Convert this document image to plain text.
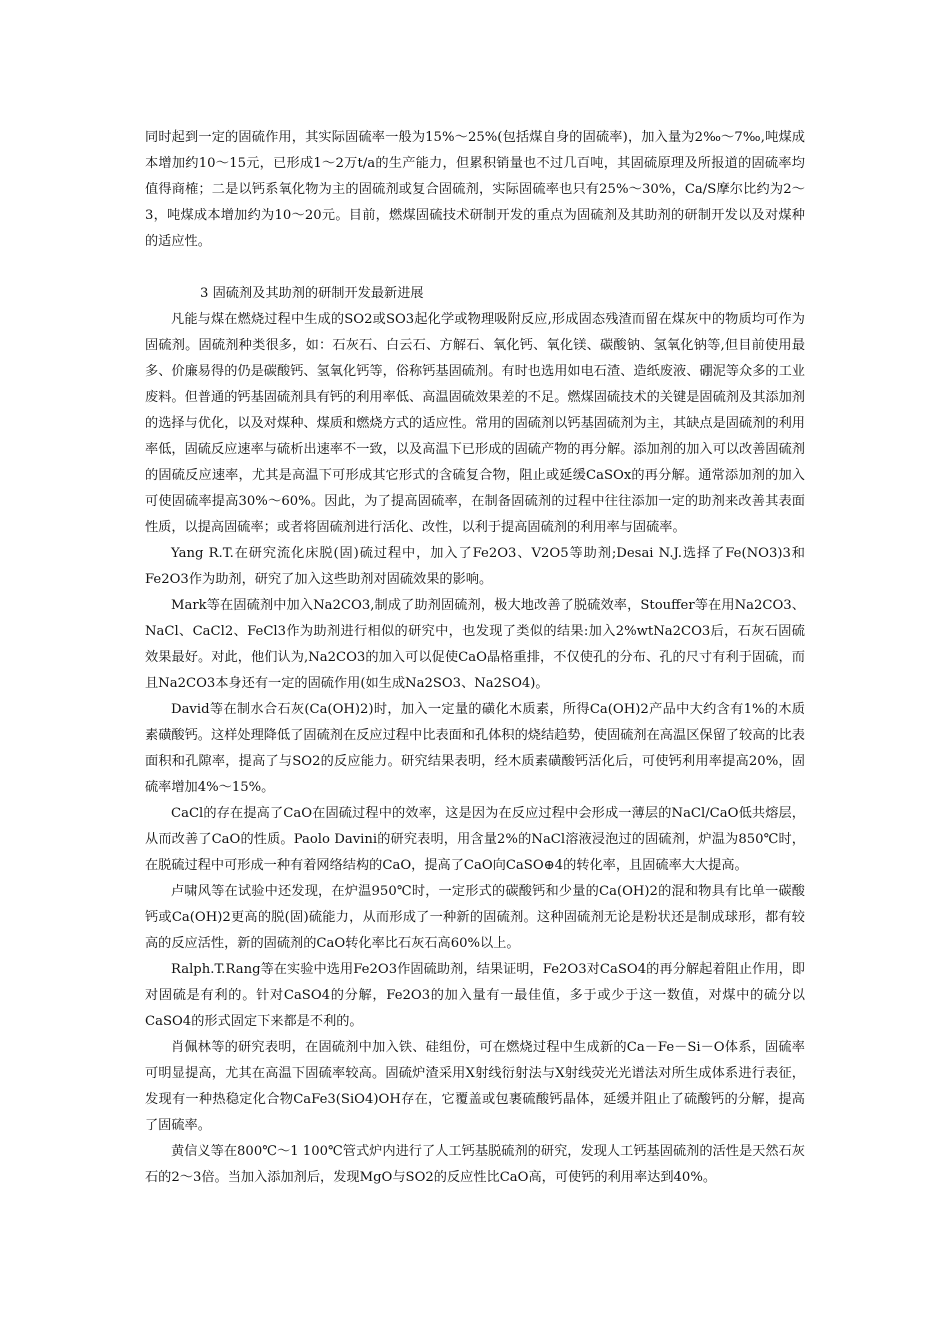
同时起到一定的固硫作用，其实际固硫率一般为15%～25%(包括煤自身的固硫率)，加入量为2‰～7‰,吨煤成本增加约10～15元，已形成1～2万t/a的生产能力，但累积销量也不过几百吨，其固硫原理及所报道的固硫率均值得商榷；二是以钙系氧化物为主的固硫剂或复合固硫剂，实际固硫率也只有25%～30%，Ca/S摩尔比约为2～3，吨煤成本增加约为10～20元。目前，燃煤固硫技术研制开发的重点为固硫剂及其助剂的研制开发以及对煤种的适应性。

3 固硫剂及其助剂的研制开发最新进展

凡能与煤在燃烧过程中生成的SO2或SO3起化学或物理吸附反应,形成固态残渣而留在煤灰中的物质均可作为固硫剂。固硫剂种类很多，如：石灰石、白云石、方解石、氧化钙、氧化镁、碳酸钠、氢氧化钠等,但目前使用最多、价廉易得的仍是碳酸钙、氢氧化钙等，俗称钙基固硫剂。有时也选用如电石渣、造纸废液、硼泥等众多的工业废料。但普通的钙基固硫剂具有钙的利用率低、高温固硫效果差的不足。燃煤固硫技术的关键是固硫剂及其添加剂的选择与优化，以及对煤种、煤质和燃烧方式的适应性。常用的固硫剂以钙基固硫剂为主，其缺点是固硫剂的利用率低，固硫反应速率与硫析出速率不一致，以及高温下已形成的固硫产物的再分解。添加剂的加入可以改善固硫剂的固硫反应速率，尤其是高温下可形成其它形式的含硫复合物，阻止或延缓CaSOx的再分解。通常添加剂的加入可使固硫率提高30%～60%。因此，为了提高固硫率，在制备固硫剂的过程中往往添加一定的助剂来改善其表面性质，以提高固硫率；或者将固硫剂进行活化、改性，以利于提高固硫剂的利用率与固硫率。

Yang R.T.在研究流化床脱(固)硫过程中，加入了Fe2O3、V2O5等助剂;Desai N.J.选择了Fe(NO3)3和Fe2O3作为助剂，研究了加入这些助剂对固硫效果的影响。

Mark等在固硫剂中加入Na2CO3,制成了助剂固硫剂，极大地改善了脱硫效率，Stouffer等在用Na2CO3、NaCl、CaCl2、FeCl3作为助剂进行相似的研究中，也发现了类似的结果:加入2%wtNa2CO3后，石灰石固硫效果最好。对此，他们认为,Na2CO3的加入可以促使CaO晶格重排，不仅使孔的分布、孔的尺寸有利于固硫，而且Na2CO3本身还有一定的固硫作用(如生成Na2SO3、Na2SO4)。

David等在制水合石灰(Ca(OH)2)时，加入一定量的磺化木质素，所得Ca(OH)2产品中大约含有1%的木质素磺酸钙。这样处理降低了固硫剂在反应过程中比表面和孔体积的烧结趋势，使固硫剂在高温区保留了较高的比表面积和孔隙率，提高了与SO2的反应能力。研究结果表明，经木质素磺酸钙活化后，可使钙利用率提高20%，固硫率增加4%～15%。

CaCl的存在提高了CaO在固硫过程中的效率，这是因为在反应过程中会形成一薄层的NaCl/CaO低共熔层，从而改善了CaO的性质。Paolo Davini的研究表明，用含量2%的NaCl溶液浸泡过的固硫剂，炉温为850℃时，在脱硫过程中可形成一种有着网络结构的CaO，提高了CaO向CaSO⊕4的转化率，且固硫率大大提高。

卢啸风等在试验中还发现，在炉温950℃时，一定形式的碳酸钙和少量的Ca(OH)2的混和物具有比单一碳酸钙或Ca(OH)2更高的脱(固)硫能力，从而形成了一种新的固硫剂。这种固硫剂无论是粉状还是制成球形，都有较高的反应活性，新的固硫剂的CaO转化率比石灰石高60%以上。

Ralph.T.Rang等在实验中选用Fe2O3作固硫助剂，结果证明，Fe2O3对CaSO4的再分解起着阻止作用，即对固硫是有利的。针对CaSO4的分解，Fe2O3的加入量有一最佳值，多于或少于这一数值，对煤中的硫分以CaSO4的形式固定下来都是不利的。

肖佩林等的研究表明，在固硫剂中加入铁、硅组份，可在燃烧过程中生成新的Ca－Fe－Si－O体系，固硫率可明显提高，尤其在高温下固硫率较高。固硫炉渣采用X射线衍射法与X射线荧光光谱法对所生成体系进行表征，发现有一种热稳定化合物CaFe3(SiO4)OH存在，它覆盖或包裹硫酸钙晶体，延缓并阻止了硫酸钙的分解，提高了固硫率。

黄信义等在800℃～1 100℃管式炉内进行了人工钙基脱硫剂的研究，发现人工钙基固硫剂的活性是天然石灰石的2～3倍。当加入添加剂后，发现MgO与SO2的反应性比CaO高，可使钙的利用率达到40%。
